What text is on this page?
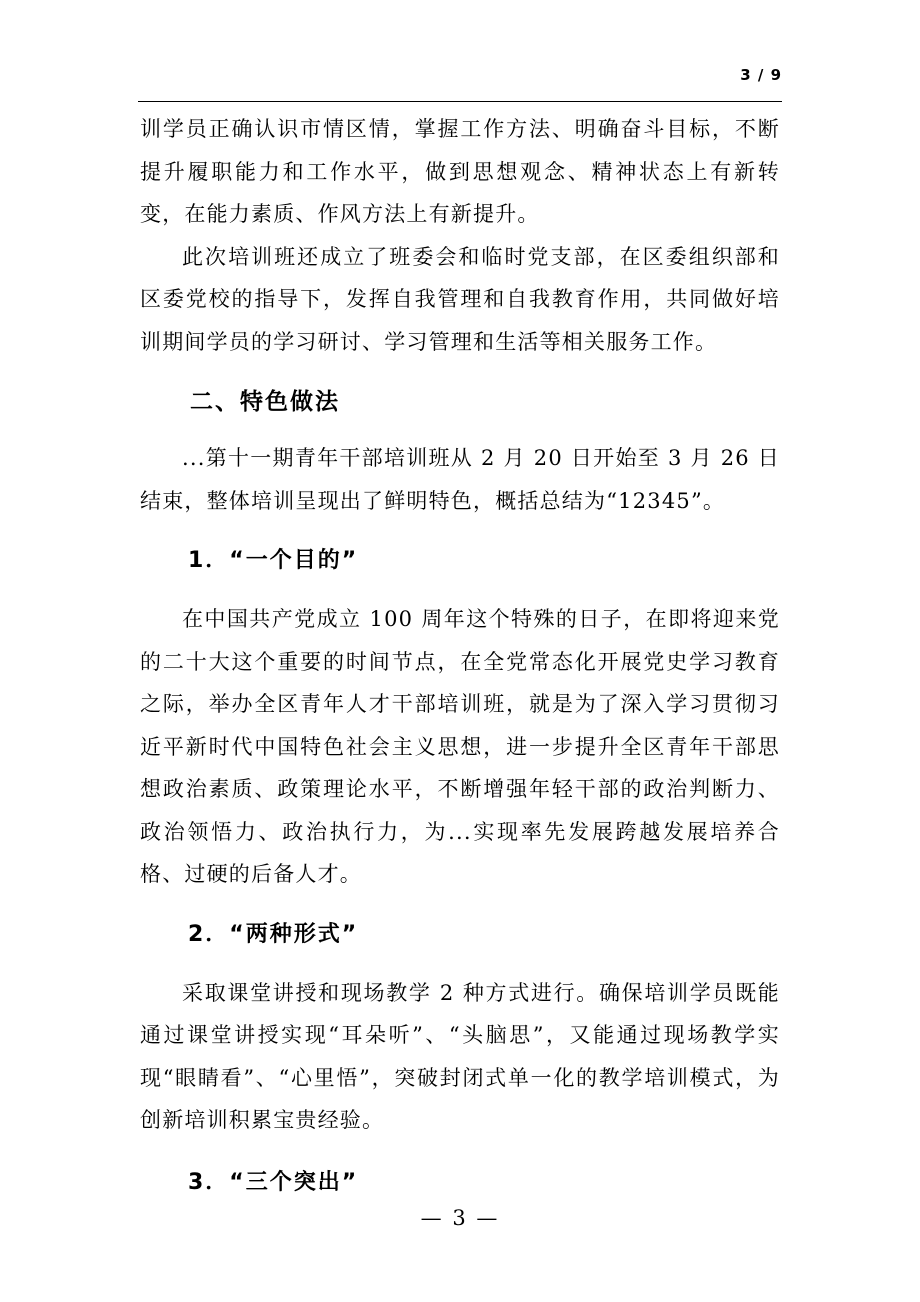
3 / 9

训学员正确认识市情区情，掌握工作方法、明确奋斗目标，不断提升履职能力和工作水平，做到思想观念、精神状态上有新转变，在能力素质、作风方法上有新提升。

此次培训班还成立了班委会和临时党支部，在区委组织部和区委党校的指导下，发挥自我管理和自我教育作用，共同做好培训期间学员的学习研讨、学习管理和生活等相关服务工作。

二、特色做法

...第十一期青年干部培训班从 2 月 20 日开始至 3 月 26 日结束，整体培训呈现出了鲜明特色，概括总结为“12345”。

1．“一个目的”

在中国共产党成立 100 周年这个特殊的日子，在即将迎来党的二十大这个重要的时间节点，在全党常态化开展党史学习教育之际，举办全区青年人才干部培训班，就是为了深入学习贯彻习近平新时代中国特色社会主义思想，进一步提升全区青年干部思想政治素质、政策理论水平，不断增强年轻干部的政治判断力、政治领悟力、政治执行力，为...实现率先发展跨越发展培养合格、过硬的后备人才。

2．“两种形式”

采取课堂讲授和现场教学 2 种方式进行。确保培训学员既能通过课堂讲授实现“耳朵听”、“头脑思”，又能通过现场教学实现“眼睛看”、“心里悟”，突破封闭式单一化的教学培训模式，为创新培训积累宝贵经验。

3．“三个突出”
— 3 —
